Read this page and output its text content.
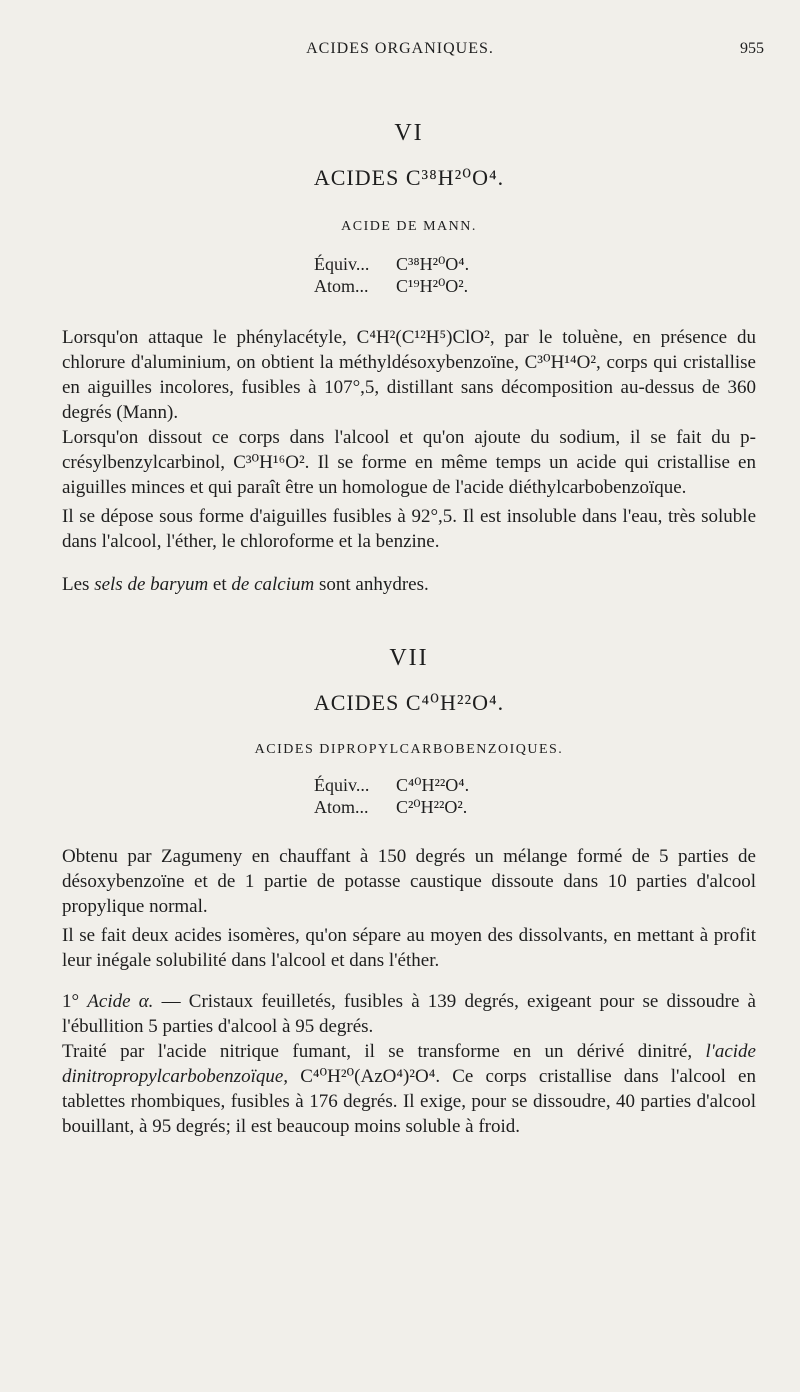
ACIDES ORGANIQUES.	955
VI
ACIDES C³⁸H²⁰O⁴.
ACIDE DE MANN.
Équiv... C³⁸H²⁰O⁴.
Atom... C¹⁹H²⁰O².

Lorsqu'on attaque le phénylacétyle, C⁴H²(C¹²H⁵)ClO², par le toluène, en présence du chlorure d'aluminium, on obtient la méthyldésoxybenzoïne, C³⁰H¹⁴O², corps qui cristallise en aiguilles incolores, fusibles à 107°,5, distillant sans décomposition au-dessus de 360 degrés (Mann).

Lorsqu'on dissout ce corps dans l'alcool et qu'on ajoute du sodium, il se fait du p-crésylbenzylcarbinol, C³⁰H¹⁶O². Il se forme en même temps un acide qui cristallise en aiguilles minces et qui paraît être un homologue de l'acide diéthylcarbobenzoïque.

Il se dépose sous forme d'aiguilles fusibles à 92°,5. Il est insoluble dans l'eau, très soluble dans l'alcool, l'éther, le chloroforme et la benzine.

Les sels de baryum et de calcium sont anhydres.

VII
ACIDES C⁴⁰H²²O⁴.
ACIDES DIPROPYLCARBOBENZOIQUES.
Équiv... C⁴⁰H²²O⁴.
Atom... C²⁰H²²O².

Obtenu par Zagumeny en chauffant à 150 degrés un mélange formé de 5 parties de désoxybenzoïne et de 1 partie de potasse caustique dissoute dans 10 parties d'alcool propylique normal.

Il se fait deux acides isomères, qu'on sépare au moyen des dissolvants, en mettant à profit leur inégale solubilité dans l'alcool et dans l'éther.

1° Acide α. — Cristaux feuilletés, fusibles à 139 degrés, exigeant pour se dissoudre à l'ébullition 5 parties d'alcool à 95 degrés.

Traité par l'acide nitrique fumant, il se transforme en un dérivé dinitré, l'acide dinitropropylcarbobenzoïque, C⁴⁰H²⁰(AzO⁴)²O⁴. Ce corps cristallise dans l'alcool en tablettes rhombiques, fusibles à 176 degrés. Il exige, pour se dissoudre, 40 parties d'alcool bouillant, à 95 degrés; il est beaucoup moins soluble à froid.
